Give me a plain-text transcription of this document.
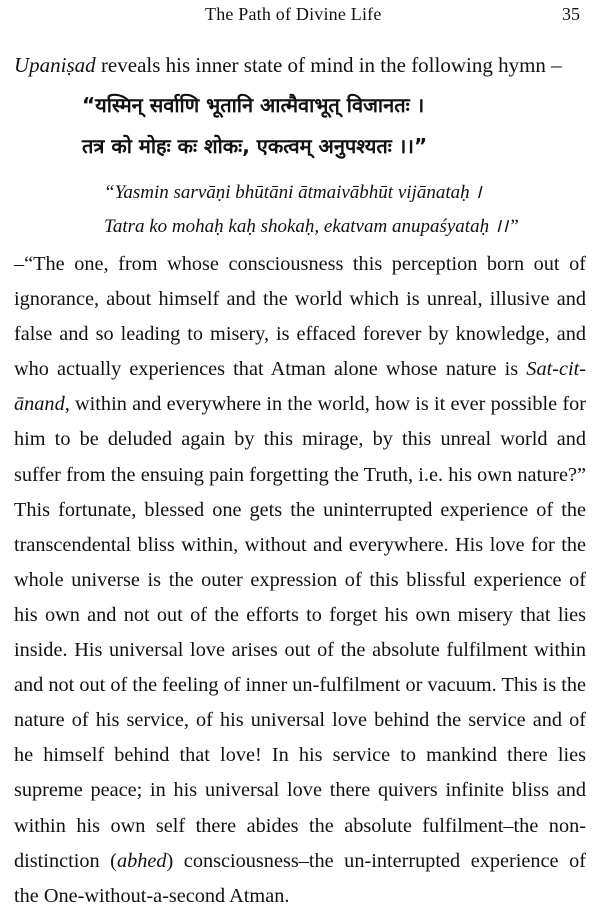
The Path of Divine Life	35
Upaniṣad reveals his inner state of mind in the following hymn –
“यस्मिन् सर्वाणि भूतानि आत्मैवाभूत् विजानतः ।
तत्र को मोहः कः शोकः, एकत्वम् अनुपश्यतः ।।”
“Yasmin sarvāṇi bhūtāni ātmaivābhūt vijānataḥ ।
Tatra ko mohaḥ kaḥ shokaḥ, ekatvam anupaśyataḥ ।।”
–“The one, from whose consciousness this perception born out of ignorance, about himself and the world which is unreal, illusive and false and so leading to misery, is effaced forever by knowledge, and who actually experiences that Atman alone whose nature is Sat-cit-ānand, within and everywhere in the world, how is it ever possible for him to be deluded again by this mirage, by this unreal world and suffer from the ensuing pain forgetting the Truth, i.e. his own nature?” This fortunate, blessed one gets the uninterrupted experience of the transcendental bliss within, without and everywhere. His love for the whole universe is the outer expression of this blissful experience of his own and not out of the efforts to forget his own misery that lies inside. His universal love arises out of the absolute fulfilment within and not out of the feeling of inner un-fulfilment or vacuum. This is the nature of his service, of his universal love behind the service and of he himself behind that love! In his service to mankind there lies supreme peace; in his universal love there quivers infinite bliss and within his own self there abides the absolute fulfilment–the non-distinction (abhed) consciousness–the un-interrupted experience of the One-without-a-second Atman.
